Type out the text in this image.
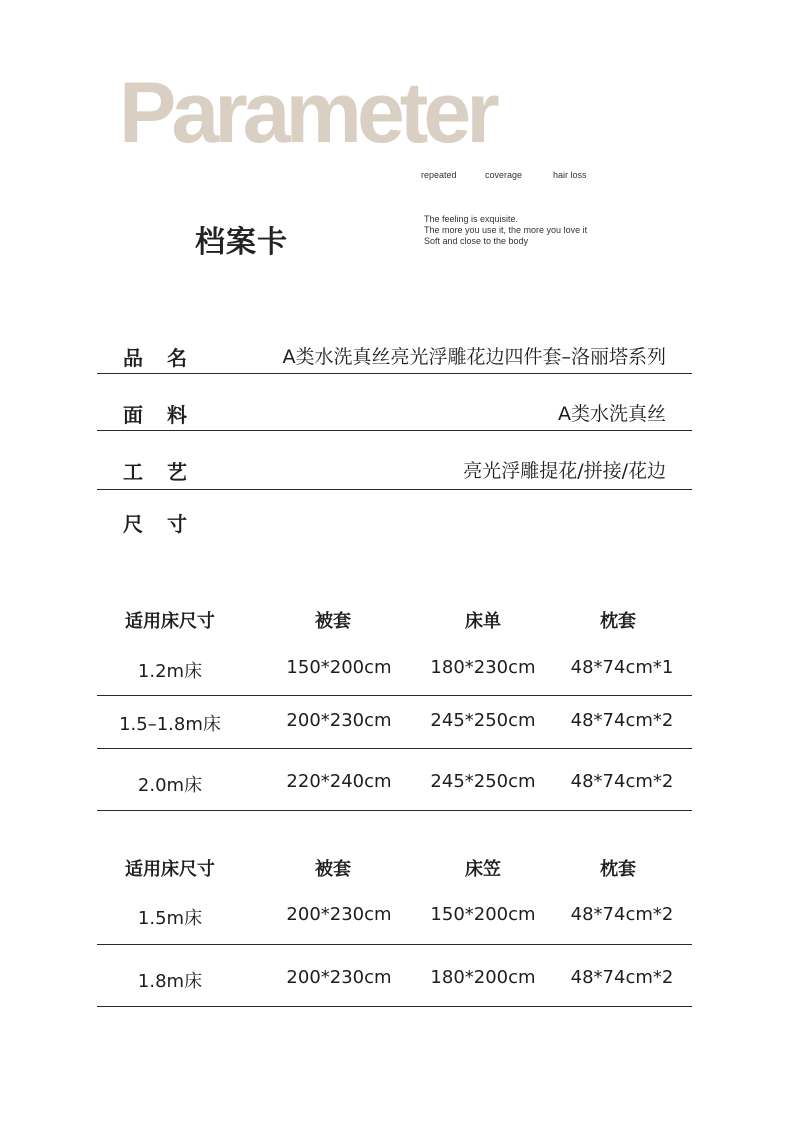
Parameter
repeated	coverage	hair loss
档案卡
The feeling is exquisite.
The more you use it, the more you love it
Soft and close to the body
品　名	A类水洗真丝亮光浮雕花边四件套–洛丽塔系列
面　料	A类水洗真丝
工　艺	亮光浮雕提花/拼接/花边
尺　寸
适用床尺寸	被套	床单	枕套
1.2m床	150*200cm 180*230cm 48*74cm*1
1.5–1.8m床	200*230cm 245*250cm 48*74cm*2
2.0m床	220*240cm 245*250cm 48*74cm*2
适用床尺寸	被套	床笠	枕套
1.5m床	200*230cm 150*200cm 48*74cm*2
1.8m床	200*230cm 180*200cm 48*74cm*2
